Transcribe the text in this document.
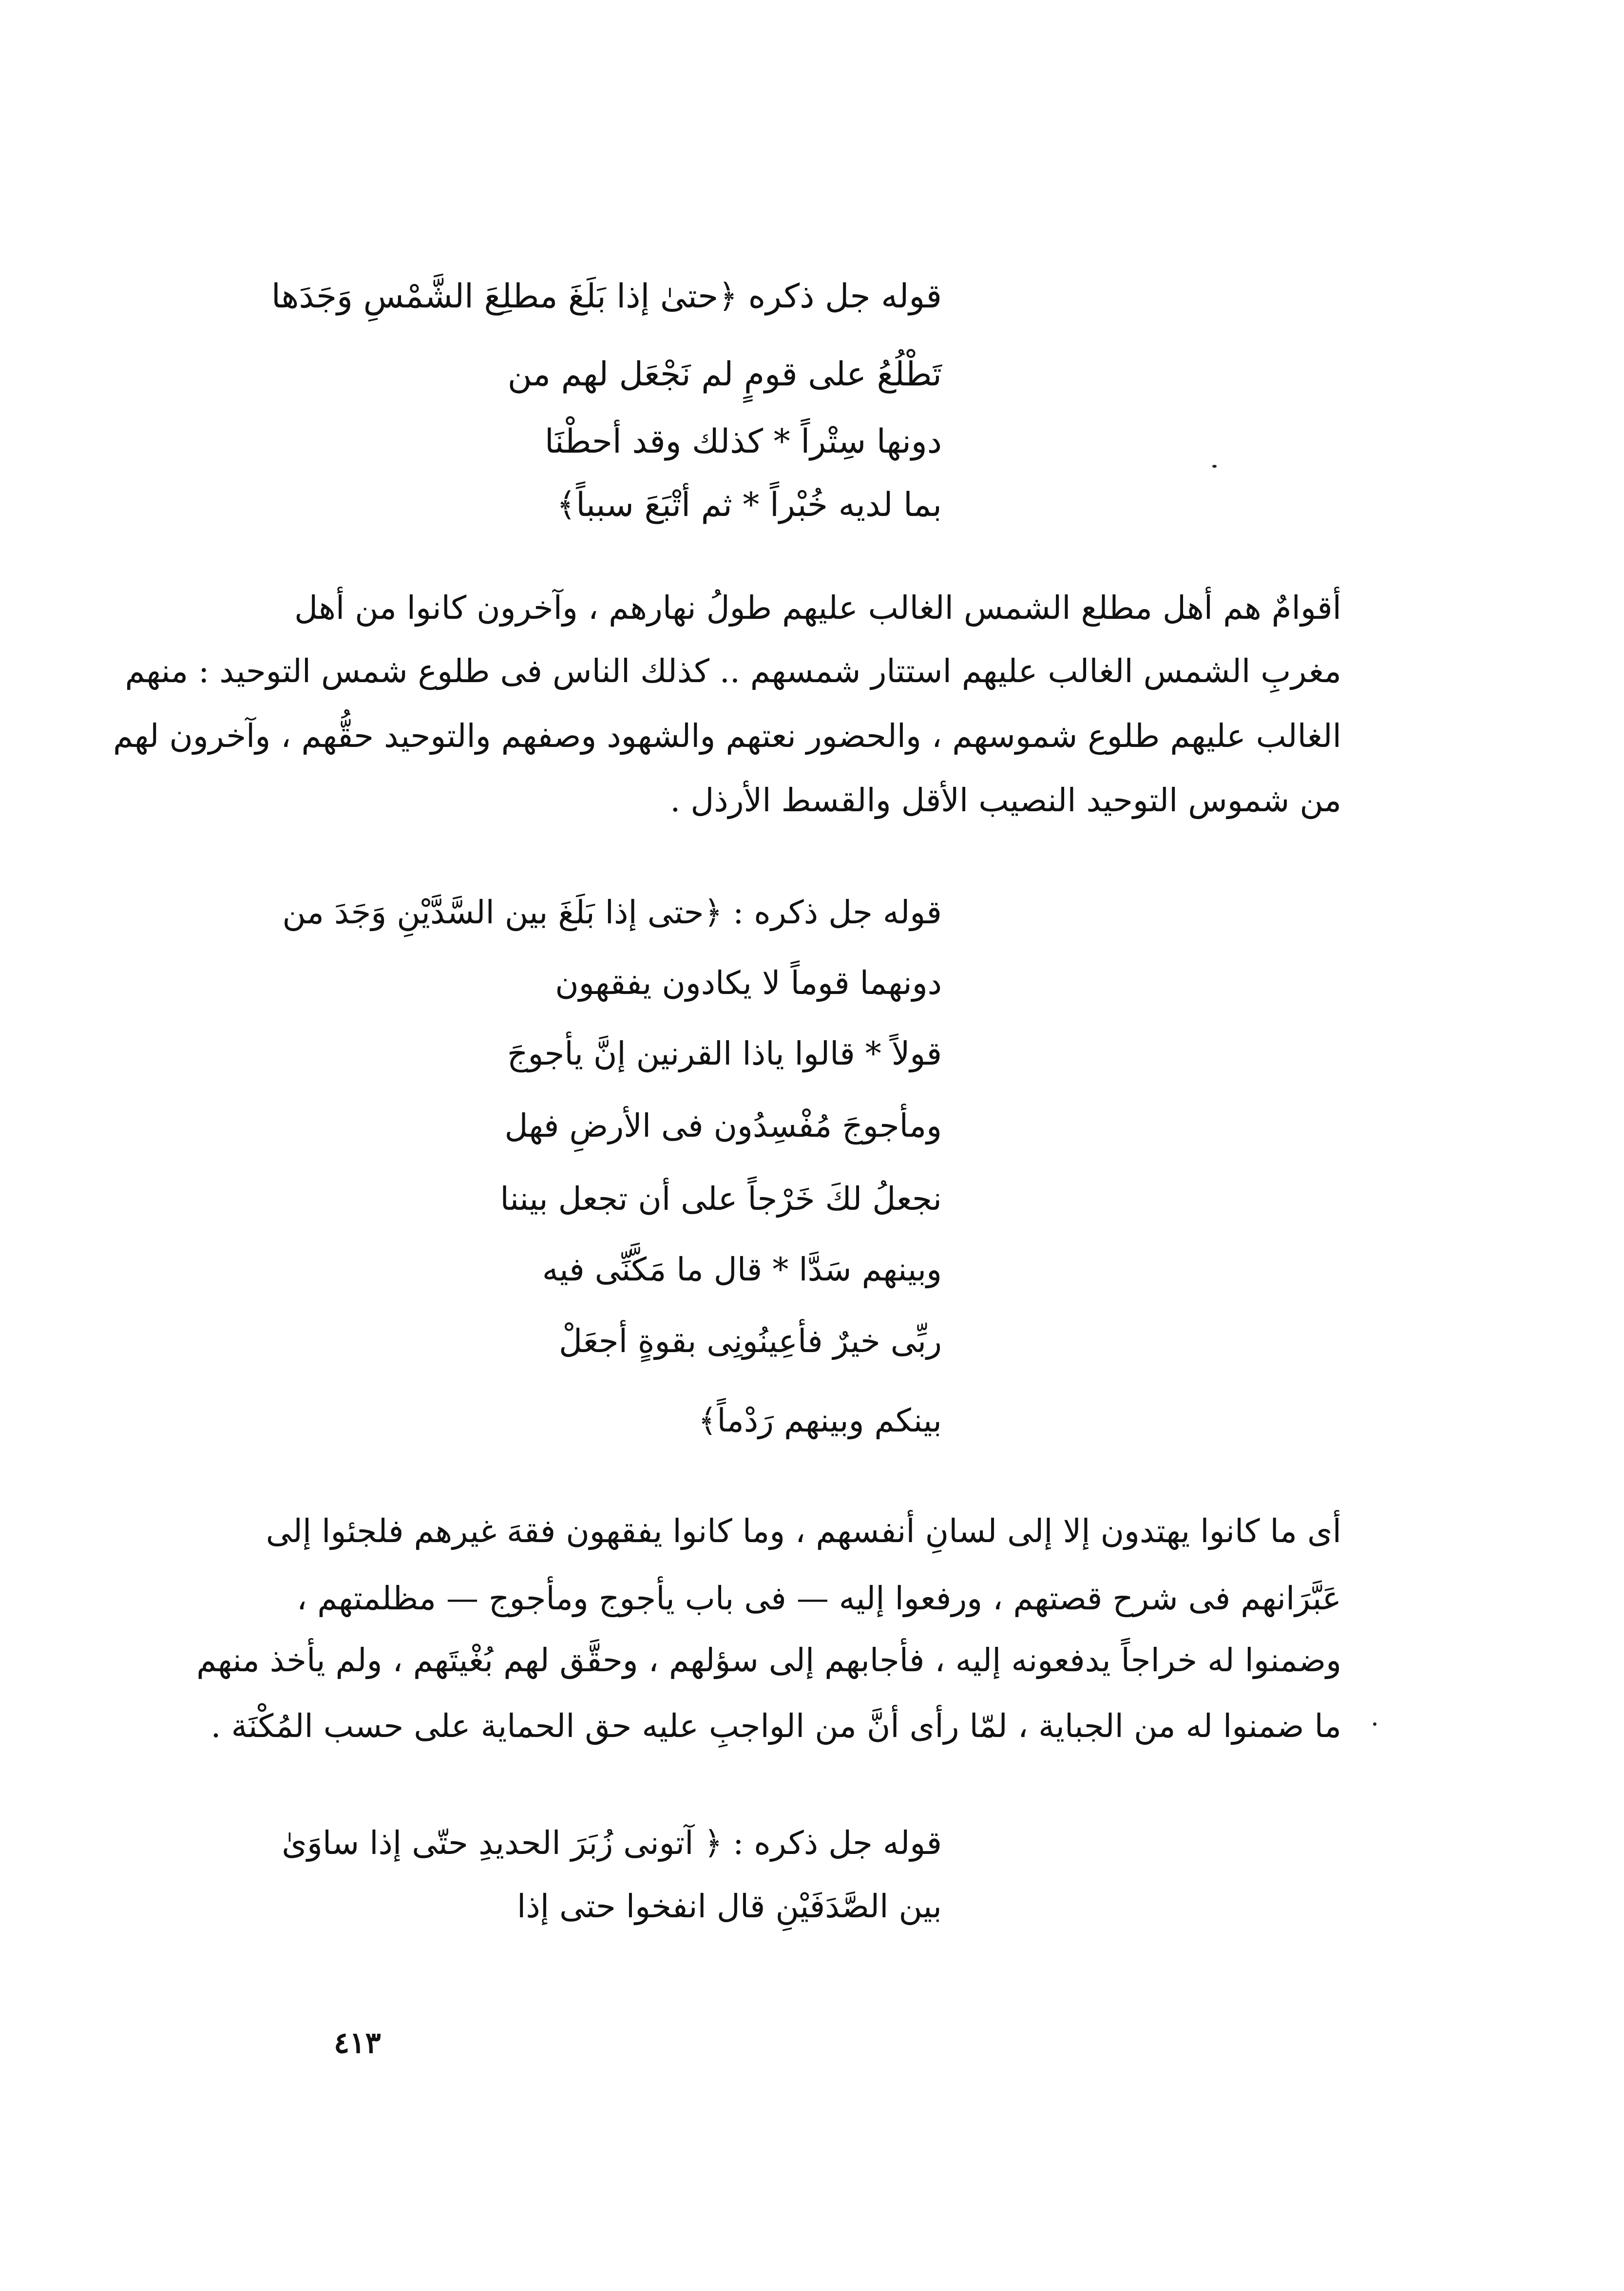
قوله جل ذكره ﴿حتىٰ إذا بَلَغَ مطلِعَ الشَّمْسِ وَجَدَها
تَطْلُعُ على قومٍ لم نَجْعَل لهم من
دونها سِتْراً * كذلك وقد أحطْنَا
بما لديه خُبْراً * ثم أتْبَعَ سبباً﴾
أقوامٌ هم أهل مطلع الشمس الغالب عليهم طولُ نهارهم ، وآخرون كانوا من أهل
مغربِ الشمس الغالب عليهم استتار شمسهم .. كذلك الناس فى طلوع شمس التوحيد : منهم
الغالب عليهم طلوع شموسهم ، والحضور نعتهم والشهود وصفهم والتوحيد حقُّهم ، وآخرون لهم
من شموس التوحيد النصيب الأقل والقسط الأرذل .
قوله جل ذكره : ﴿حتى إذا بَلَغَ بين السَّدَّيْنِ وَجَدَ من
دونهما قوماً لا يكادون يفقهون
قولاً * قالوا ياذا القرنين إنَّ يأجوجَ
ومأجوجَ مُفْسِدُون فى الأرضِ فهل
نجعلُ لكَ خَرْجاً على أن تجعل بيننا
وبينهم سَدَّا * قال ما مَكَّنِّى فيه
ربِّى خيرٌ فأعِينُونِى بقوةٍ أجعَلْ
بينكم وبينهم رَدْماً﴾
أى ما كانوا يهتدون إلا إلى لسانِ أنفسهم ، وما كانوا يفقهون فقهَ غيرهم فلجئوا إلى
عَبَّرَانهم فى شرح قصتهم ، ورفعوا إليه — فى باب يأجوج ومأجوج — مظلمتهم ،
وضمنوا له خراجاً يدفعونه إليه ، فأجابهم إلى سؤلهم ، وحقَّق لهم بُغْيتَهم ، ولم يأخذ منهم
ما ضمنوا له من الجباية ، لمّا رأى أنَّ من الواجبِ عليه حق الحماية على حسب المُكْنَة .
قوله جل ذكره : ﴿ آتونى زُبَرَ الحديدِ حتّى إذا ساوَىٰ
بين الصَّدَفَيْنِ قال انفخوا حتى إذا
٤١٣
